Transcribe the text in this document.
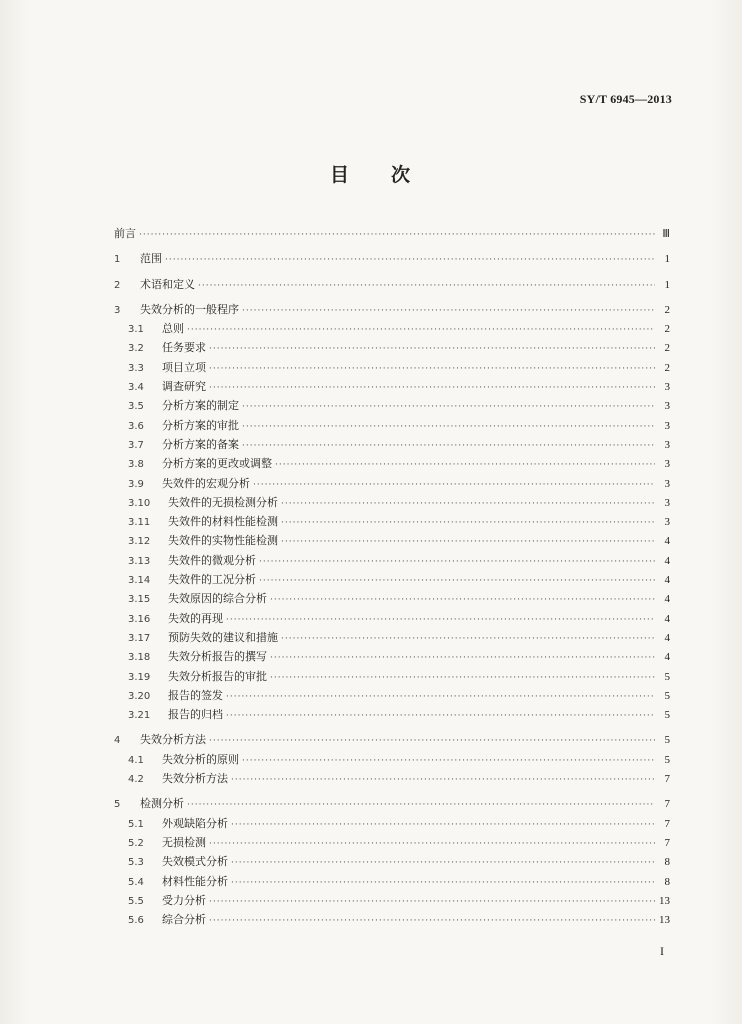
SY/T 6945—2013
目 次
前言 ·····	Ⅲ
1	范围 ·····	1
2	术语和定义 ·····	1
3	失效分析的一般程序 ·····	2
3.1	总则 ·····	2
3.2	任务要求 ·····	2
3.3	项目立项 ·····	2
3.4	调查研究 ·····	3
3.5	分析方案的制定 ·····	3
3.6	分析方案的审批 ·····	3
3.7	分析方案的备案 ·····	3
3.8	分析方案的更改或调整 ·····	3
3.9	失效件的宏观分析 ·····	3
3.10	失效件的无损检测分析 ·····	3
3.11	失效件的材料性能检测 ·····	3
3.12	失效件的实物性能检测 ·····	4
3.13	失效件的微观分析 ·····	4
3.14	失效件的工况分析 ·····	4
3.15	失效原因的综合分析 ·····	4
3.16	失效的再现 ·····	4
3.17	预防失效的建议和措施 ·····	4
3.18	失效分析报告的撰写 ·····	4
3.19	失效分析报告的审批 ·····	5
3.20	报告的签发 ·····	5
3.21	报告的归档 ·····	5
4	失效分析方法 ·····	5
4.1	失效分析的原则 ·····	5
4.2	失效分析方法 ·····	7
5	检测分析 ·····	7
5.1	外观缺陷分析 ·····	7
5.2	无损检测 ·····	7
5.3	失效模式分析 ·····	8
5.4	材料性能分析 ·····	8
5.5	受力分析 ·····	13
5.6	综合分析 ·····	13
I
